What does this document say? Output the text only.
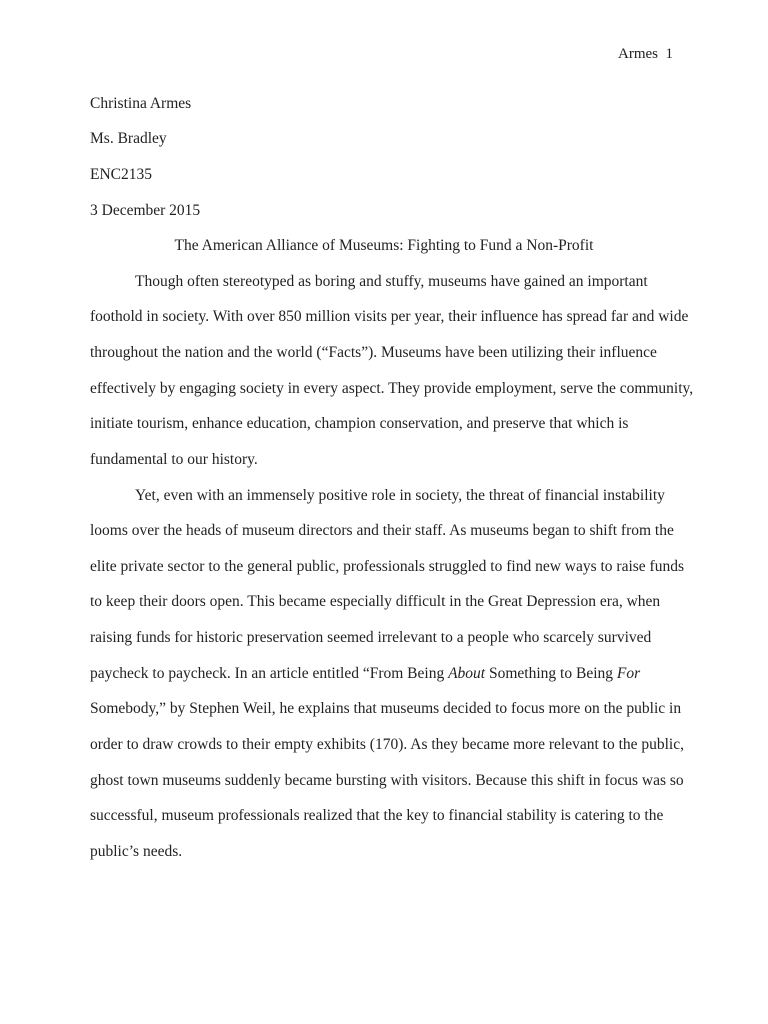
Armes  1
Christina Armes
Ms. Bradley
ENC2135
3 December 2015
The American Alliance of Museums: Fighting to Fund a Non-Profit
Though often stereotyped as boring and stuffy, museums have gained an important
foothold in society. With over 850 million visits per year, their influence has spread far and wide
throughout the nation and the world (“Facts”). Museums have been utilizing their influence
effectively by engaging society in every aspect. They provide employment, serve the community,
initiate tourism, enhance education, champion conservation, and preserve that which is
fundamental to our history.
Yet, even with an immensely positive role in society, the threat of financial instability
looms over the heads of museum directors and their staff. As museums began to shift from the
elite private sector to the general public, professionals struggled to find new ways to raise funds
to keep their doors open. This became especially difficult in the Great Depression era, when
raising funds for historic preservation seemed irrelevant to a people who scarcely survived
paycheck to paycheck. In an article entitled “From Being About Something to Being For
Somebody,” by Stephen Weil, he explains that museums decided to focus more on the public in
order to draw crowds to their empty exhibits (170). As they became more relevant to the public,
ghost town museums suddenly became bursting with visitors. Because this shift in focus was so
successful, museum professionals realized that the key to financial stability is catering to the
public’s needs.
